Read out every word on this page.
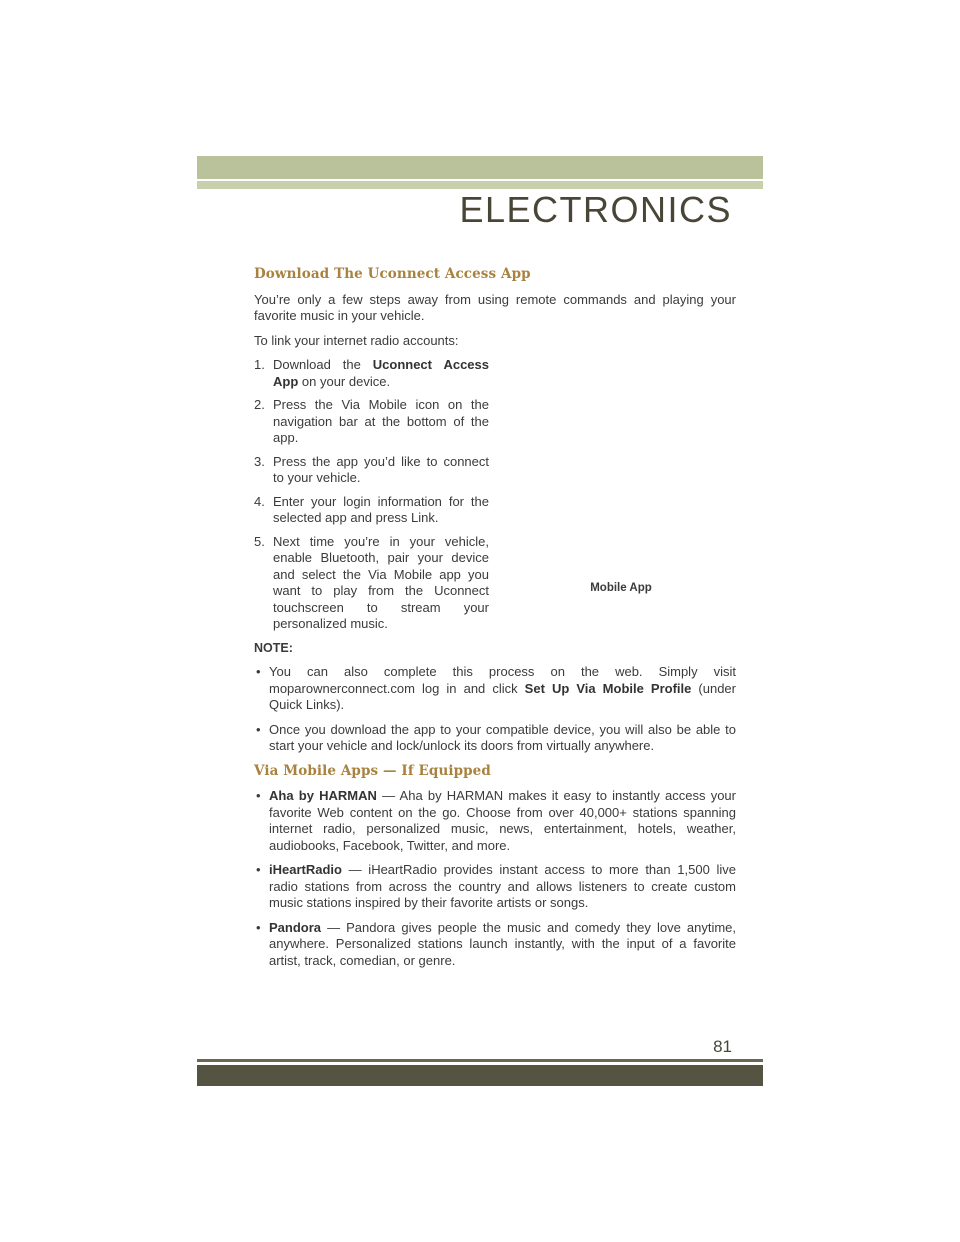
ELECTRONICS
Download The Uconnect Access App

You’re only a few steps away from using remote commands and playing your favorite music in your vehicle.

To link your internet radio accounts:

1. Download the Uconnect Access App on your device.
2. Press the Via Mobile icon on the navigation bar at the bottom of the app.
3. Press the app you’d like to connect to your vehicle.
4. Enter your login information for the selected app and press Link.
5. Next time you’re in your vehicle, enable Bluetooth, pair your device and select the Via Mobile app you want to play from the Uconnect touchscreen to stream your personalized music.
Mobile App
NOTE:
• You can also complete this process on the web. Simply visit moparownerconnect.com log in and click Set Up Via Mobile Profile (under Quick Links).
• Once you download the app to your compatible device, you will also be able to start your vehicle and lock/unlock its doors from virtually anywhere.
Via Mobile Apps — If Equipped
• Aha by HARMAN — Aha by HARMAN makes it easy to instantly access your favorite Web content on the go. Choose from over 40,000+ stations spanning internet radio, personalized music, news, entertainment, hotels, weather, audiobooks, Facebook, Twitter, and more.
• iHeartRadio — iHeartRadio provides instant access to more than 1,500 live radio stations from across the country and allows listeners to create custom music stations inspired by their favorite artists or songs.
• Pandora — Pandora gives people the music and comedy they love anytime, anywhere. Personalized stations launch instantly, with the input of a favorite artist, track, comedian, or genre.
81
